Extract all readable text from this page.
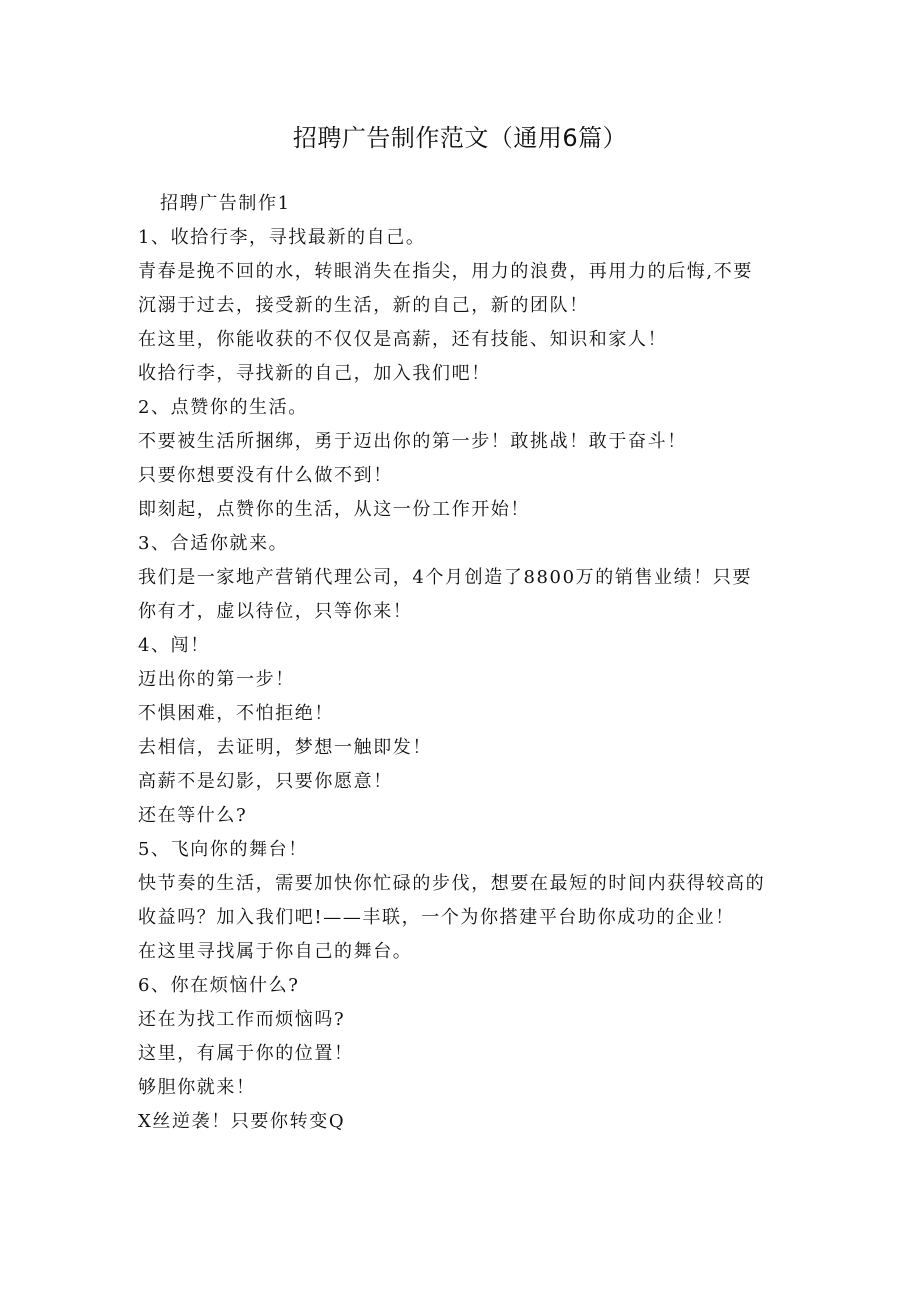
招聘广告制作范文（通用6篇）

招聘广告制作1

1、收拾行李，寻找最新的自己。

青春是挽不回的水，转眼消失在指尖，用力的浪费，再用力的后悔,不要

沉溺于过去，接受新的生活，新的自己，新的团队！

在这里，你能收获的不仅仅是高薪，还有技能、知识和家人！

收拾行李，寻找新的自己，加入我们吧！

2、点赞你的生活。

不要被生活所捆绑，勇于迈出你的第一步！敢挑战！敢于奋斗！

只要你想要没有什么做不到！

即刻起，点赞你的生活，从这一份工作开始！

3、合适你就来。

我们是一家地产营销代理公司，4个月创造了8800万的销售业绩！只要

你有才，虚以待位，只等你来！

4、闯！

迈出你的第一步！

不惧困难，不怕拒绝！

去相信，去证明，梦想一触即发！

高薪不是幻影，只要你愿意！

还在等什么?

5、飞向你的舞台！

快节奏的生活，需要加快你忙碌的步伐，想要在最短的时间内获得较高的

收益吗？加入我们吧!——丰联，一个为你搭建平台助你成功的企业！

在这里寻找属于你自己的舞台。

6、你在烦恼什么?

还在为找工作而烦恼吗?

这里，有属于你的位置！

够胆你就来！

X丝逆袭！只要你转变Q
